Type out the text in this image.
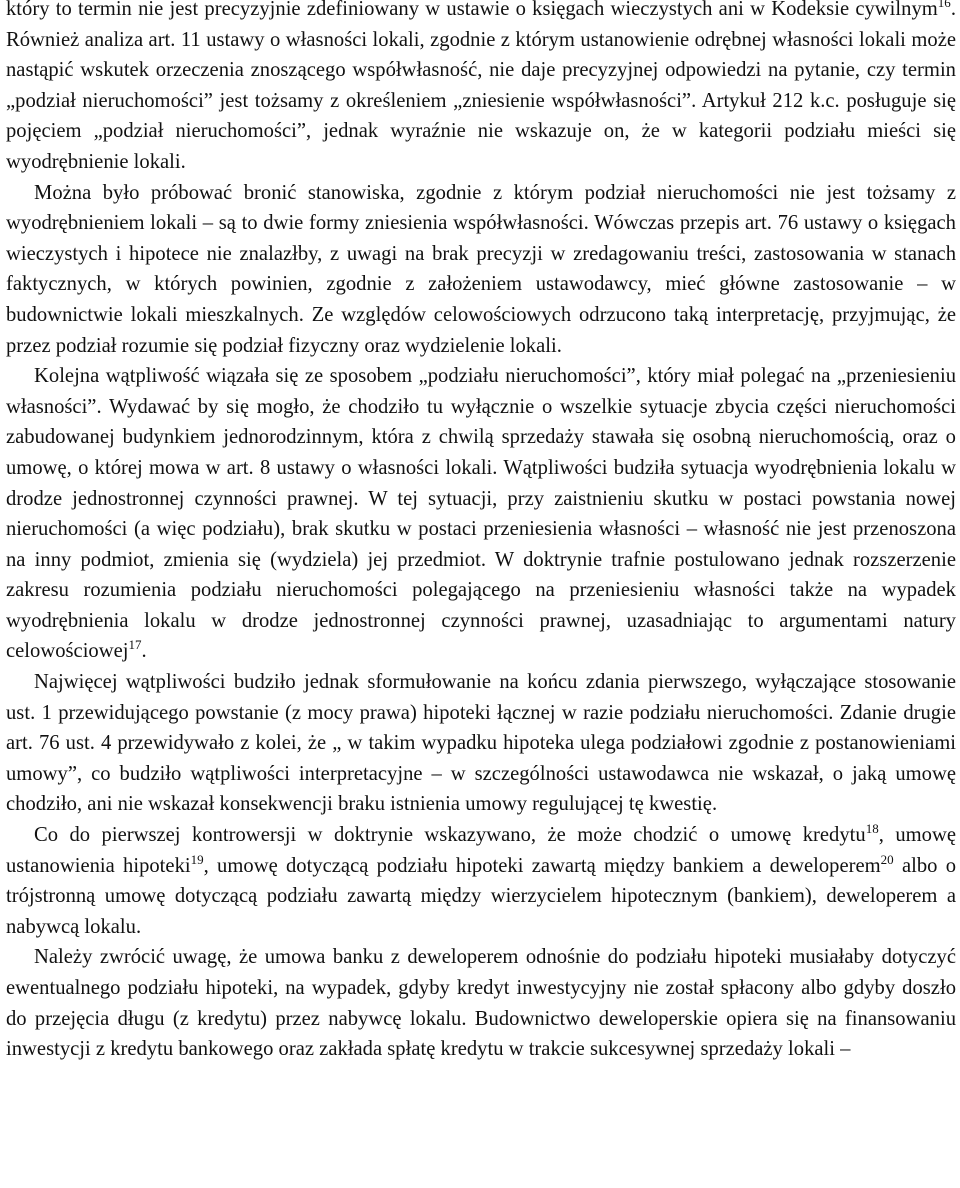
który to termin nie jest precyzyjnie zdefiniowany w ustawie o księgach wieczystych ani w Kodeksie cywilnym$^{16}$. Również analiza art. 11 ustawy o własności lokali, zgodnie z którym ustanowienie odrębnej własności lokali może nastąpić wskutek orzeczenia znoszącego współwłasność, nie daje precyzyjnej odpowiedzi na pytanie, czy termin „podział nieruchomości” jest tożsamy z określeniem „zniesienie współwłasności”. Artykuł 212 k.c. posługuje się pojęciem „podział nieruchomości”, jednak wyraźnie nie wskazuje on, że w kategorii podziału mieści się wyodrębnienie lokali.

Można było próbować bronić stanowiska, zgodnie z którym podział nieruchomości nie jest tożsamy z wyodrębnieniem lokali – są to dwie formy zniesienia współwłasności. Wówczas przepis art. 76 ustawy o księgach wieczystych i hipotece nie znalazłby, z uwagi na brak precyzji w zredagowaniu treści, zastosowania w stanach faktycznych, w których powinien, zgodnie z założeniem ustawodawcy, mieć główne zastosowanie – w budownictwie lokali mieszkalnych. Ze względów celowościowych odrzucono taką interpretację, przyjmując, że przez podział rozumie się podział fizyczny oraz wydzielenie lokali.

Kolejna wątpliwość wiązała się ze sposobem „podziału nieruchomości”, który miał polegać na „przeniesieniu własności”. Wydawać by się mogło, że chodziło tu wyłącznie o wszelkie sytuacje zbycia części nieruchomości zabudowanej budynkiem jednorodzinnym, która z chwilą sprzedaży stawała się osobną nieruchomością, oraz o umowę, o której mowa w art. 8 ustawy o własności lokali. Wątpliwości budziła sytuacja wyodrębnienia lokalu w drodze jednostronnej czynności prawnej. W tej sytuacji, przy zaistnieniu skutku w postaci powstania nowej nieruchomości (a więc podziału), brak skutku w postaci przeniesienia własności – własność nie jest przenoszona na inny podmiot, zmienia się (wydziela) jej przedmiot. W doktrynie trafnie postulowano jednak rozszerzenie zakresu rozumienia podziału nieruchomości polegającego na przeniesieniu własności także na wypadek wyodrębnienia lokalu w drodze jednostronnej czynności prawnej, uzasadniając to argumentami natury celowościowej$^{17}$.

Najwięcej wątpliwości budziło jednak sformułowanie na końcu zdania pierwszego, wyłączające stosowanie ust. 1 przewidującego powstanie (z mocy prawa) hipoteki łącznej w razie podziału nieruchomości. Zdanie drugie art. 76 ust. 4 przewidywało z kolei, że „ w takim wypadku hipoteka ulega podziałowi zgodnie z postanowieniami umowy”, co budziło wątpliwości interpretacyjne – w szczególności ustawodawca nie wskazał, o jaką umowę chodziło, ani nie wskazał konsekwencji braku istnienia umowy regulującej tę kwestię.

Co do pierwszej kontrowersji w doktrynie wskazywano, że może chodzić o umowę kredytu$^{18}$, umowę ustanowienia hipoteki$^{19}$, umowę dotyczącą podziału hipoteki zawartą między bankiem a deweloperem$^{20}$ albo o trójstronną umowę dotyczącą podziału zawartą między wierzycielem hipotecznym (bankiem), deweloperem a nabywcą lokalu.

Należy zwrócić uwagę, że umowa banku z deweloperem odnośnie do podziału hipoteki musiałaby dotyczyć ewentualnego podziału hipoteki, na wypadek, gdyby kredyt inwestycyjny nie został spłacony albo gdyby doszło do przejęcia długu (z kredytu) przez nabywcę lokalu. Budownictwo deweloperskie opiera się na finansowaniu inwestycji z kredytu bankowego oraz zakłada spłatę kredytu w trakcie sukcesywnej sprzedaży lokali –
